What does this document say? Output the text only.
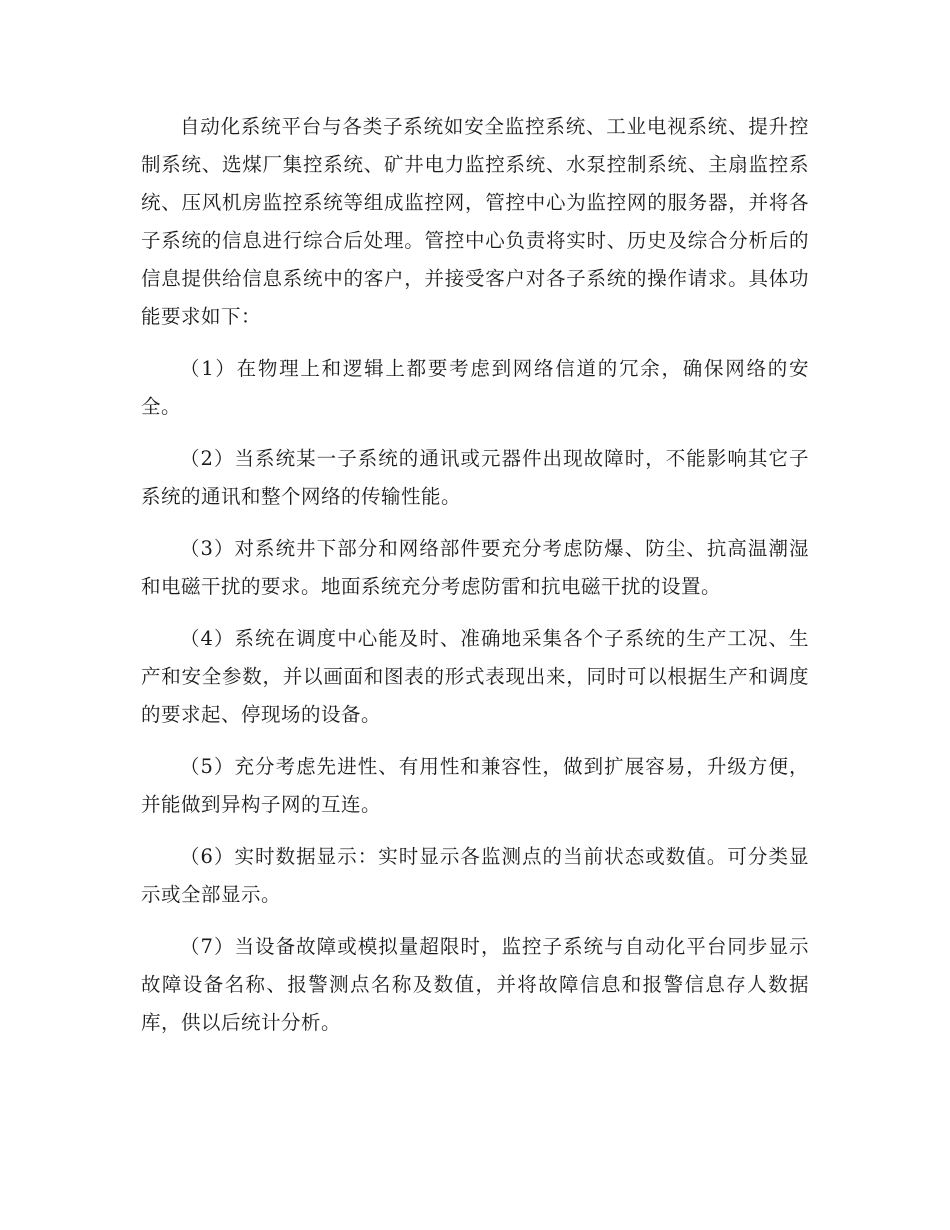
自动化系统平台与各类子系统如安全监控系统、工业电视系统、提升控制系统、选煤厂集控系统、矿井电力监控系统、水泵控制系统、主扇监控系统、压风机房监控系统等组成监控网，管控中心为监控网的服务器，并将各子系统的信息进行综合后处理。管控中心负责将实时、历史及综合分析后的信息提供给信息系统中的客户，并接受客户对各子系统的操作请求。具体功能要求如下：

（1）在物理上和逻辑上都要考虑到网络信道的冗余，确保网络的安全。

（2）当系统某一子系统的通讯或元器件出现故障时，不能影响其它子系统的通讯和整个网络的传输性能。

（3）对系统井下部分和网络部件要充分考虑防爆、防尘、抗高温潮湿和电磁干扰的要求。地面系统充分考虑防雷和抗电磁干扰的设置。

（4）系统在调度中心能及时、准确地采集各个子系统的生产工况、生产和安全参数，并以画面和图表的形式表现出来，同时可以根据生产和调度的要求起、停现场的设备。

（5）充分考虑先进性、有用性和兼容性，做到扩展容易，升级方便，并能做到异构子网的互连。

（6）实时数据显示：实时显示各监测点的当前状态或数值。可分类显示或全部显示。

（7）当设备故障或模拟量超限时，监控子系统与自动化平台同步显示故障设备名称、报警测点名称及数值，并将故障信息和报警信息存人数据库，供以后统计分析。
